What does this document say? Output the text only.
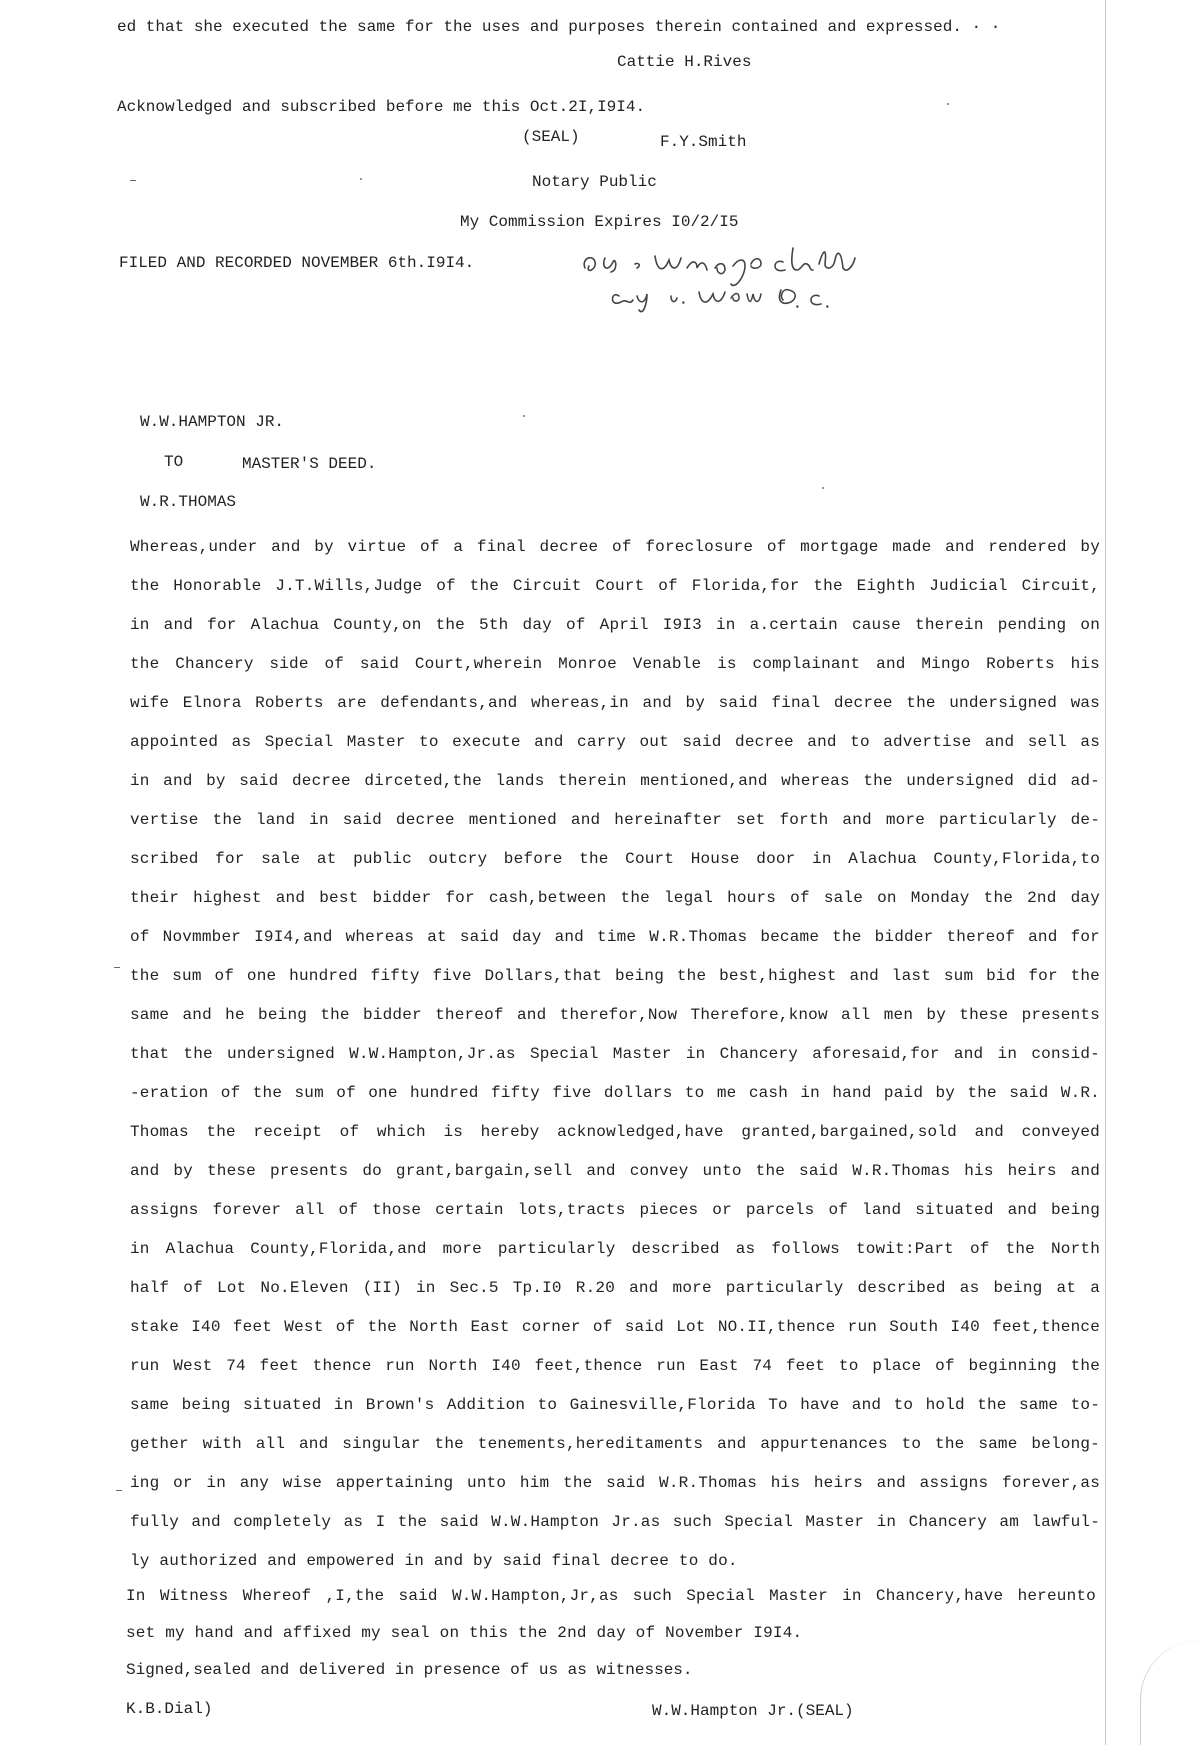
ed that she executed the same for the uses and purposes therein contained and expressed. · ·
Cattie H.Rives
Acknowledged and subscribed before me this Oct.2I,I9I4.
(SEAL)	F.Y.Smith
Notary Public
My Commission Expires I0/2/I5
FILED AND RECORDED NOVEMBER 6th.I9I4.
W.W.HAMPTON JR.
TO	MASTER'S DEED.
W.R.THOMAS
Whereas,under and by virtue of a final decree of foreclosure of mortgage made and rendered by
the Honorable J.T.Wills,Judge of the Circuit Court of Florida,for the Eighth Judicial Circuit,
in and for Alachua County,on the 5th day of April I9I3 in a.certain cause therein pending on
the Chancery side of said Court,wherein Monroe Venable is complainant and Mingo Roberts his
wife Elnora Roberts are defendants,and whereas,in and by said final decree the undersigned was
appointed as Special Master to execute and carry out said decree and to advertise and sell as
in and by said decree dirceted,the lands therein mentioned,and whereas the undersigned did ad-
vertise the land in said decree mentioned and hereinafter set forth and more particularly de-
scribed for sale at public outcry before the Court House door in Alachua County,Florida,to
their highest and best bidder for cash,between the legal hours of sale on Monday the 2nd day
of Novmmber I9I4,and whereas at said day and time W.R.Thomas became the bidder thereof and for
the sum of one hundred fifty five Dollars,that being the best,highest and last sum bid for the
same and he being the bidder thereof and therefor,Now Therefore,know all men by these presents
that the undersigned W.W.Hampton,Jr.as Special Master in Chancery aforesaid,for and in consid-
-eration of the sum of one hundred fifty five dollars to me cash in hand paid by the said W.R.
Thomas the receipt of which is hereby acknowledged,have granted,bargained,sold and conveyed
and by these presents do grant,bargain,sell and convey unto the said W.R.Thomas his heirs and
assigns forever all of those certain lots,tracts pieces or parcels of land situated and being
in Alachua County,Florida,and more particularly described as follows towit:Part of the North
half of Lot No.Eleven (II) in Sec.5 Tp.I0 R.20 and more particularly described as being at a
stake I40 feet West of the North East corner of said Lot NO.II,thence run South I40 feet,thence
run West 74 feet thence run North I40 feet,thence run East 74 feet to place of beginning the
same being situated in Brown's Addition to Gainesville,Florida To have and to hold the same to-
gether with all and singular the tenements,hereditaments and appurtenances to the same belong-
ing or in any wise appertaining unto him the said W.R.Thomas his heirs and assigns forever,as
fully and completely as I the said W.W.Hampton Jr.as such Special Master in Chancery am lawful-
ly authorized and empowered in and by said final decree to do.
In Witness Whereof ,I,the said W.W.Hampton,Jr,as such Special Master in Chancery,have hereunto
set my hand and affixed my seal on this the 2nd day of November I9I4.
Signed,sealed and delivered in presence of us as witnesses.
K.B.Dial)	W.W.Hampton Jr.(SEAL)
